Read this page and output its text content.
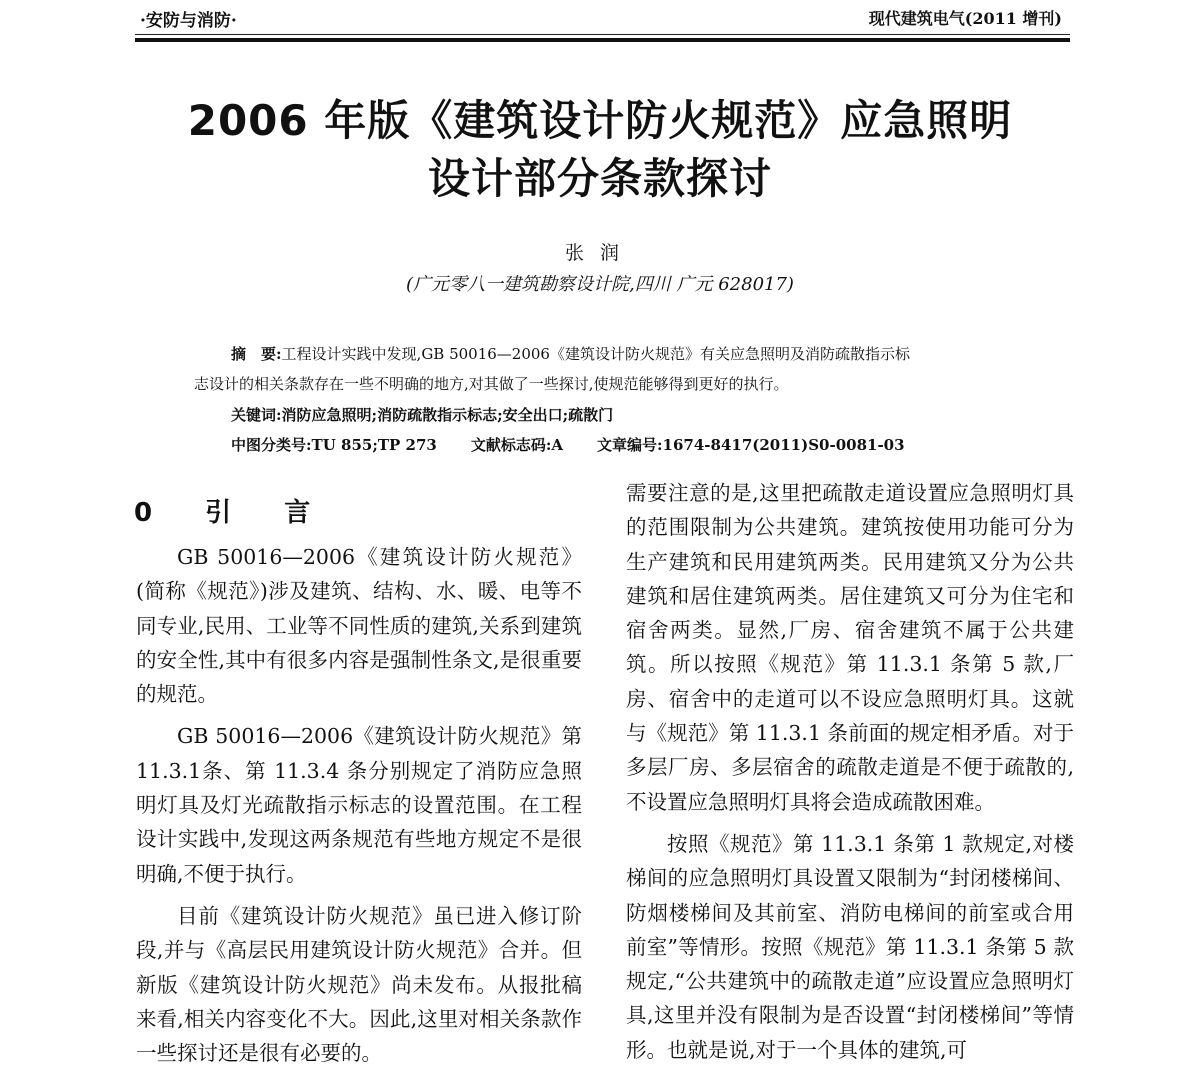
·安防与消防·	现代建筑电气(2011 增刊)
2006 年版《建筑设计防火规范》应急照明
设计部分条款探讨
张润
(广元零八一建筑勘察设计院,四川 广元 628017)
摘　要:工程设计实践中发现,GB 50016—2006《建筑设计防火规范》有关应急照明及消防疏散指示标
志设计的相关条款存在一些不明确的地方,对其做了一些探讨,使规范能够得到更好的执行。
关键词:消防应急照明;消防疏散指示标志;安全出口;疏散门
中图分类号:TU 855;TP 273 文献标志码:A 文章编号:1674-8417(2011)S0-0081-03
0 引 言

GB 50016—2006《建筑设计防火规范》(简称《规范》)涉及建筑、结构、水、暖、电等不同专业,民用、工业等不同性质的建筑,关系到建筑的安全性,其中有很多内容是强制性条文,是很重要的规范。

GB 50016—2006《建筑设计防火规范》第 11.3.1条、第 11.3.4 条分别规定了消防应急照明灯具及灯光疏散指示标志的设置范围。在工程设计实践中,发现这两条规范有些地方规定不是很明确,不便于执行。

目前《建筑设计防火规范》虽已进入修订阶段,并与《高层民用建筑设计防火规范》合并。但新版《建筑设计防火规范》尚未发布。从报批稿来看,相关内容变化不大。因此,这里对相关条款作一些探讨还是很有必要的。

需要注意的是,这里把疏散走道设置应急照明灯具的范围限制为公共建筑。建筑按使用功能可分为生产建筑和民用建筑两类。民用建筑又分为公共建筑和居住建筑两类。居住建筑又可分为住宅和宿舍两类。显然,厂房、宿舍建筑不属于公共建筑。所以按照《规范》第 11.3.1 条第 5 款,厂房、宿舍中的走道可以不设应急照明灯具。这就与《规范》第 11.3.1 条前面的规定相矛盾。对于多层厂房、多层宿舍的疏散走道是不便于疏散的,不设置应急照明灯具将会造成疏散困难。

按照《规范》第 11.3.1 条第 1 款规定,对楼梯间的应急照明灯具设置又限制为“封闭楼梯间、防烟楼梯间及其前室、消防电梯间的前室或合用前室”等情形。按照《规范》第 11.3.1 条第 5 款规定,“公共建筑中的疏散走道”应设置应急照明灯具,这里并没有限制为是否设置“封闭楼梯间”等情形。也就是说,对于一个具体的建筑,可
